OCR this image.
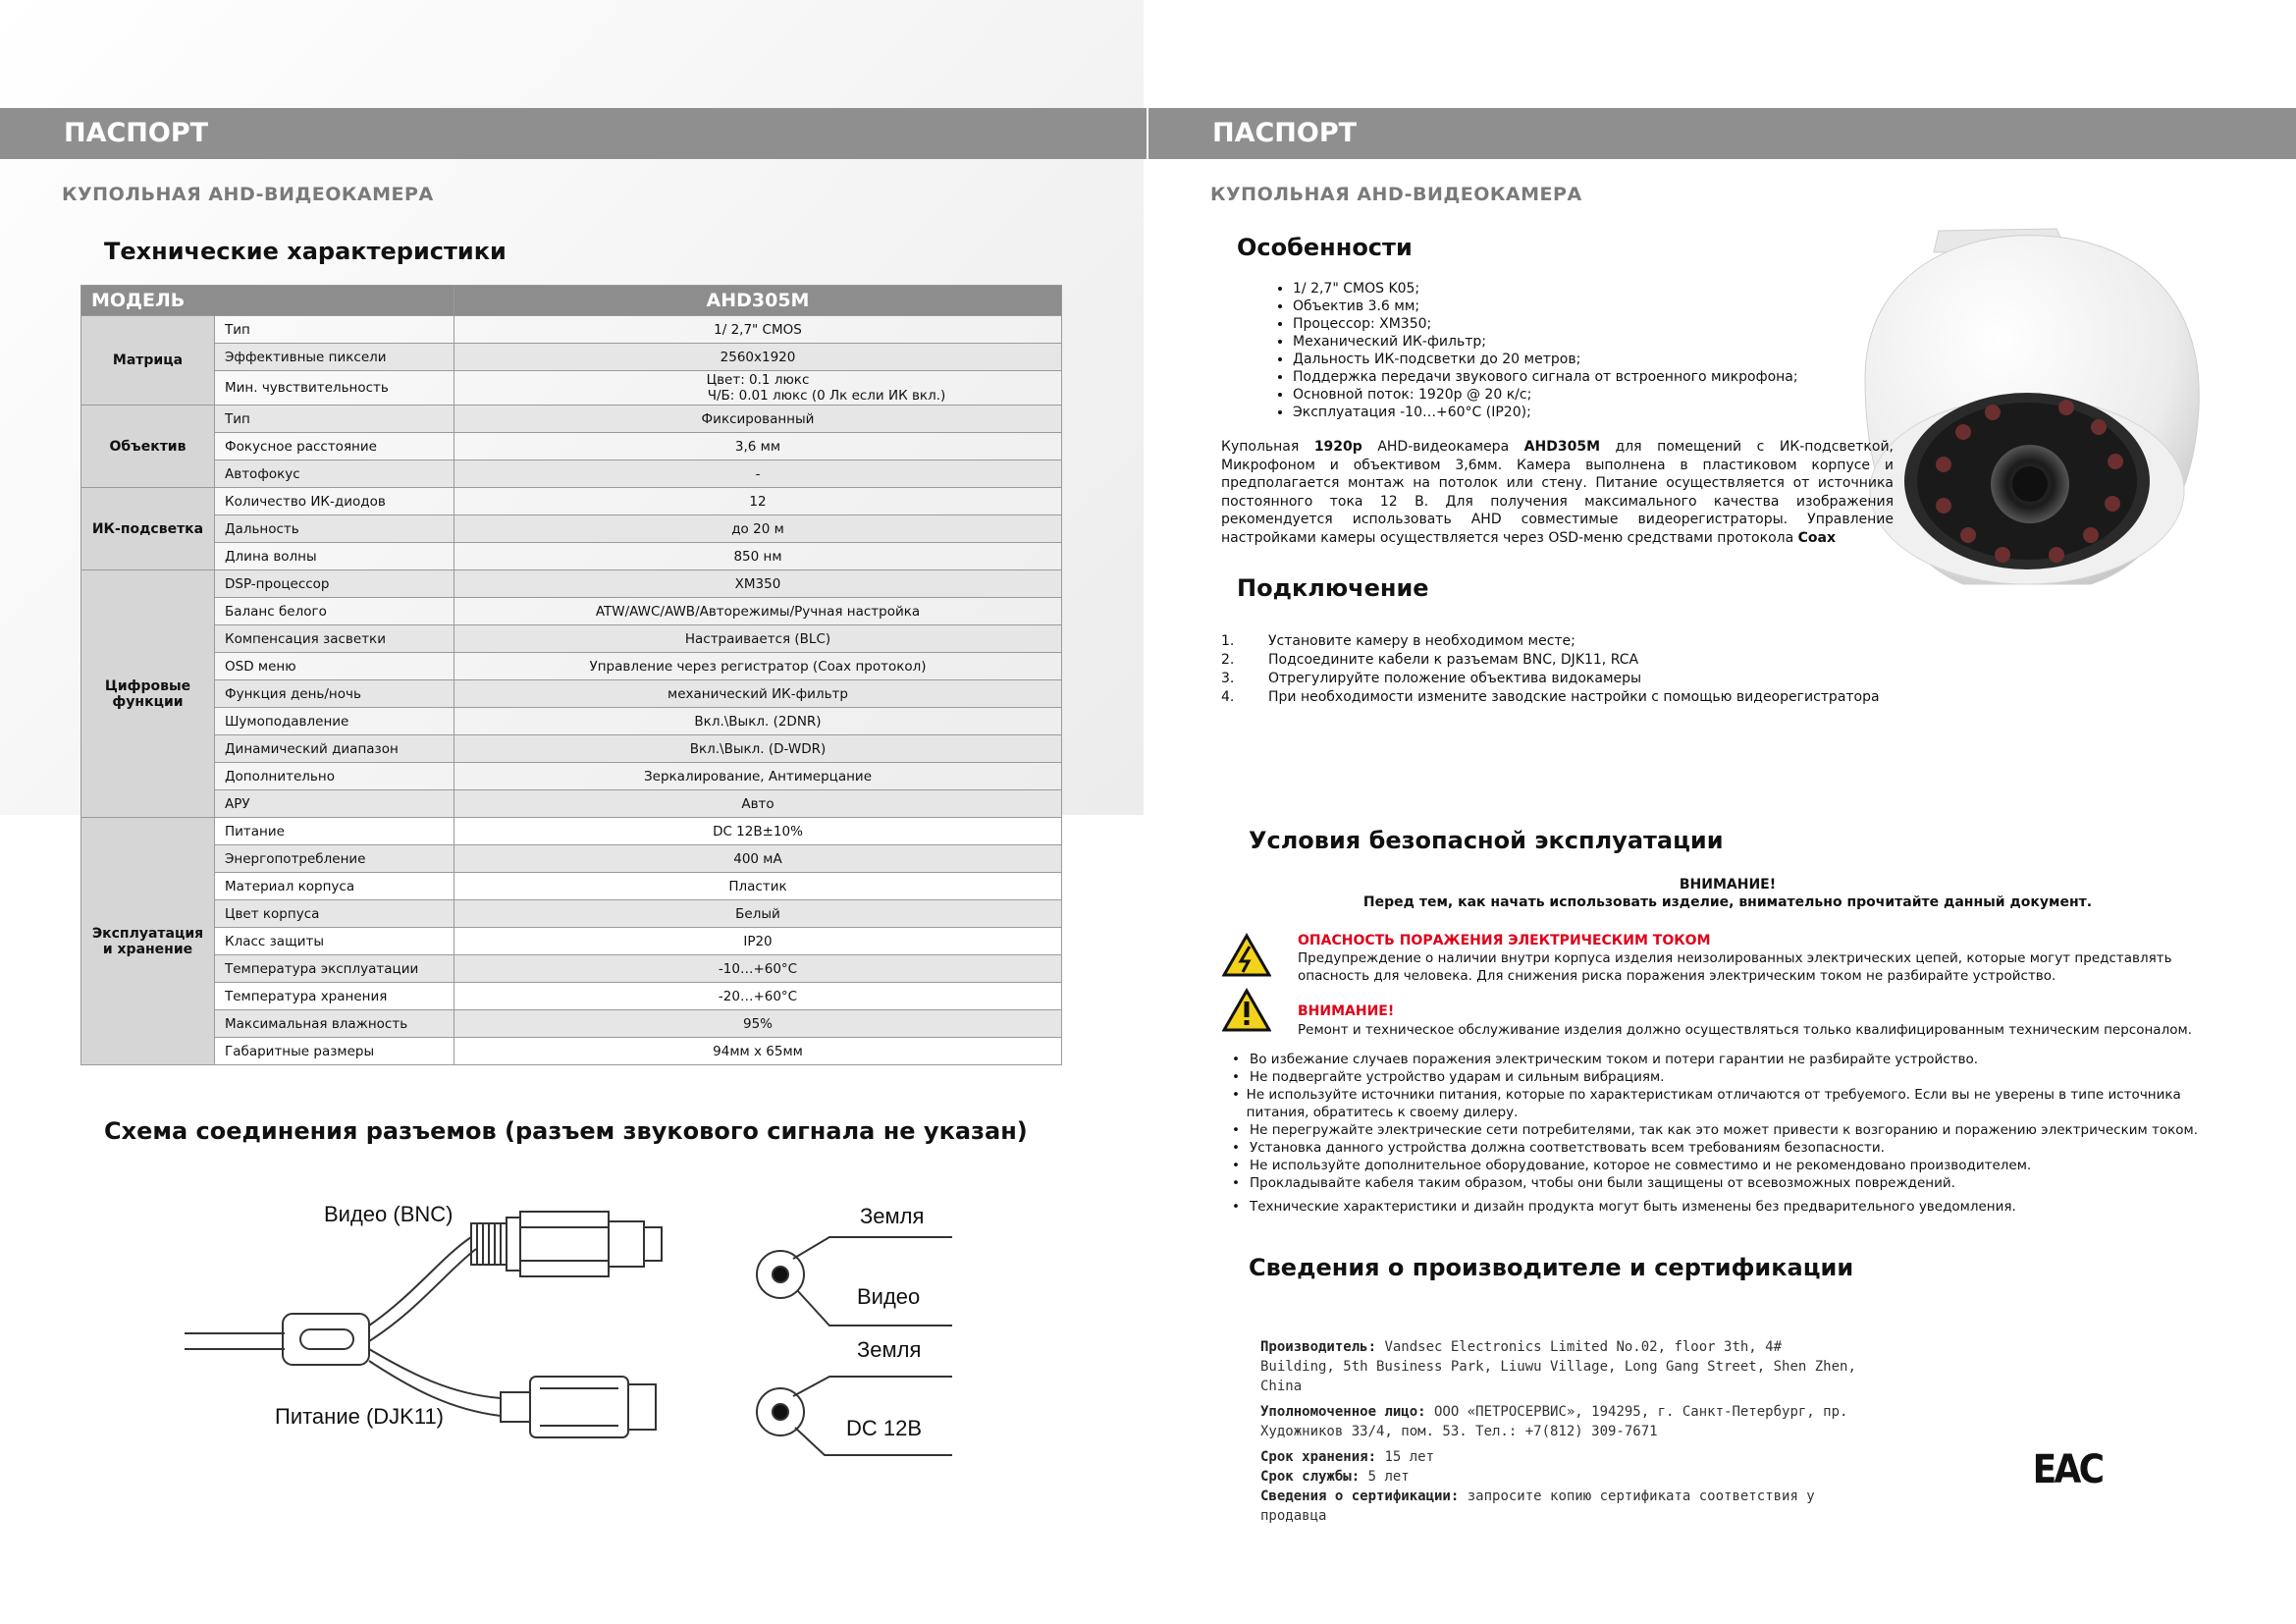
ПАСПОРТ
КУПОЛЬНАЯ AHD-ВИДЕОКАМЕРА
Технические характеристики
МОДЕЛЬ		AHD305M
Матрица	Тип	1/ 2,7" CMOS
	Эффективные пиксели	2560x1920
	Мин. чувствительность	Цвет: 0.1 люкс
Ч/Б: 0.01 люкс (0 Лк если ИК вкл.)

Объектив	Тип	Фиксированный
	Фокусное расстояние	3,6 мм
	Автофокус	-
ИК-подсветка	Количество ИК-диодов	12
	Дальность	до 20 м
	Длина волны	850 нм
Цифровые функции	DSP-процессор	XM350
	Баланс белого	ATW/AWC/AWB/Авторежимы/Ручная настройка
	Компенсация засветки	Настраивается (BLC)
	OSD меню	Управление через регистратор (Coax протокол)
	Функция день/ночь	механический ИК-фильтр
	Шумоподавление	Вкл.\Выкл. (2DNR)
	Динамический диапазон	Вкл.\Выкл. (D-WDR)
	Дополнительно	Зеркалирование, Антимерцание
	АРУ	Авто
Эксплуатация и хранение	Питание	DC 12В±10%
	Энергопотребление	400 мА
	Материал корпуса	Пластик
	Цвет корпуса	Белый
	Класс защиты	IP20
	Температура эксплуатации	-10…+60°C
	Температура хранения	-20…+60°C
	Максимальная влажность	95%
	Габаритные размеры	94мм х 65мм
Схема соединения разъемов (разъем звукового сигнала не указан)
Видео (BNC)
Питание (DJK11)
Земля
Видео
Земля
DC 12В
ПАСПОРТ
КУПОЛЬНАЯ AHD-ВИДЕОКАМЕРА
Особенности
• 1/ 2,7" CMOS K05;
• Объектив 3.6 мм;
• Процессор: XM350;
• Механический ИК-фильтр;
• Дальность ИК-подсветки до 20 метров;
• Поддержка передачи звукового сигнала от встроенного микрофона;
• Основной поток: 1920p @ 20 к/с;
• Эксплуатация -10…+60°C (IP20);
Купольная 1920p AHD-видеокамера AHD305M для помещений с ИК-подсветкой, Микрофоном и объективом 3,6мм. Камера выполнена в пластиковом корпусе и предполагается монтаж на потолок или стену. Питание осуществляется от источника постоянного тока 12 В. Для получения максимального качества изображения рекомендуется использовать AHD совместимые видеорегистраторы. Управление настройками камеры осуществляется через OSD-меню средствами протокола Coax
Подключение
1.	Установите камеру в необходимом месте;
2.	Подсоедините кабели к разъемам BNC, DJK11, RCA
3.	Отрегулируйте положение объектива видокамеры
4.	При необходимости измените заводские настройки с помощью видеорегистратора
Условия безопасной эксплуатации
ВНИМАНИЕ!
Перед тем, как начать использовать изделие, внимательно прочитайте данный документ.
ОПАСНОСТЬ ПОРАЖЕНИЯ ЭЛЕКТРИЧЕСКИМ ТОКОМ
Предупреждение о наличии внутри корпуса изделия неизолированных электрических цепей, которые могут представлять опасность для человека. Для снижения риска поражения электрическим током не разбирайте устройство.
ВНИМАНИЕ!
Ремонт и техническое обслуживание изделия должно осуществляться только квалифицированным техническим персоналом.
• Во избежание случаев поражения электрическим током и потери гарантии не разбирайте устройство.
• Не подвергайте устройство ударам и сильным вибрациям.
• Не используйте источники питания, которые по характеристикам отличаются от требуемого. Если вы не уверены в типе источника питания, обратитесь к своему дилеру.
• Не перегружайте электрические сети потребителями, так как это может привести к возгоранию и поражению электрическим током.
• Установка данного устройства должна соответствовать всем требованиям безопасности.
• Не используйте дополнительное оборудование, которое не совместимо и не рекомендовано производителем.
• Прокладывайте кабеля таким образом, чтобы они были защищены от всевозможных повреждений.
• Технические характеристики и дизайн продукта могут быть изменены без предварительного уведомления.
Сведения о производителе и сертификации
Производитель: Vandsec Electronics Limited No.02, floor 3th, 4# Building, 5th Business Park, Liuwu Village, Long Gang Street, Shen Zhen, China
Уполномоченное лицо: ООО «ПЕТРОСЕРВИС», 194295, г. Санкт-Петербург, пр. Художников 33/4, пом. 53. Тел.: +7(812) 309-7671
Срок хранения: 15 лет
Срок службы: 5 лет
Сведения о сертификации: запросите копию сертификата соответствия у продавца
EAC
